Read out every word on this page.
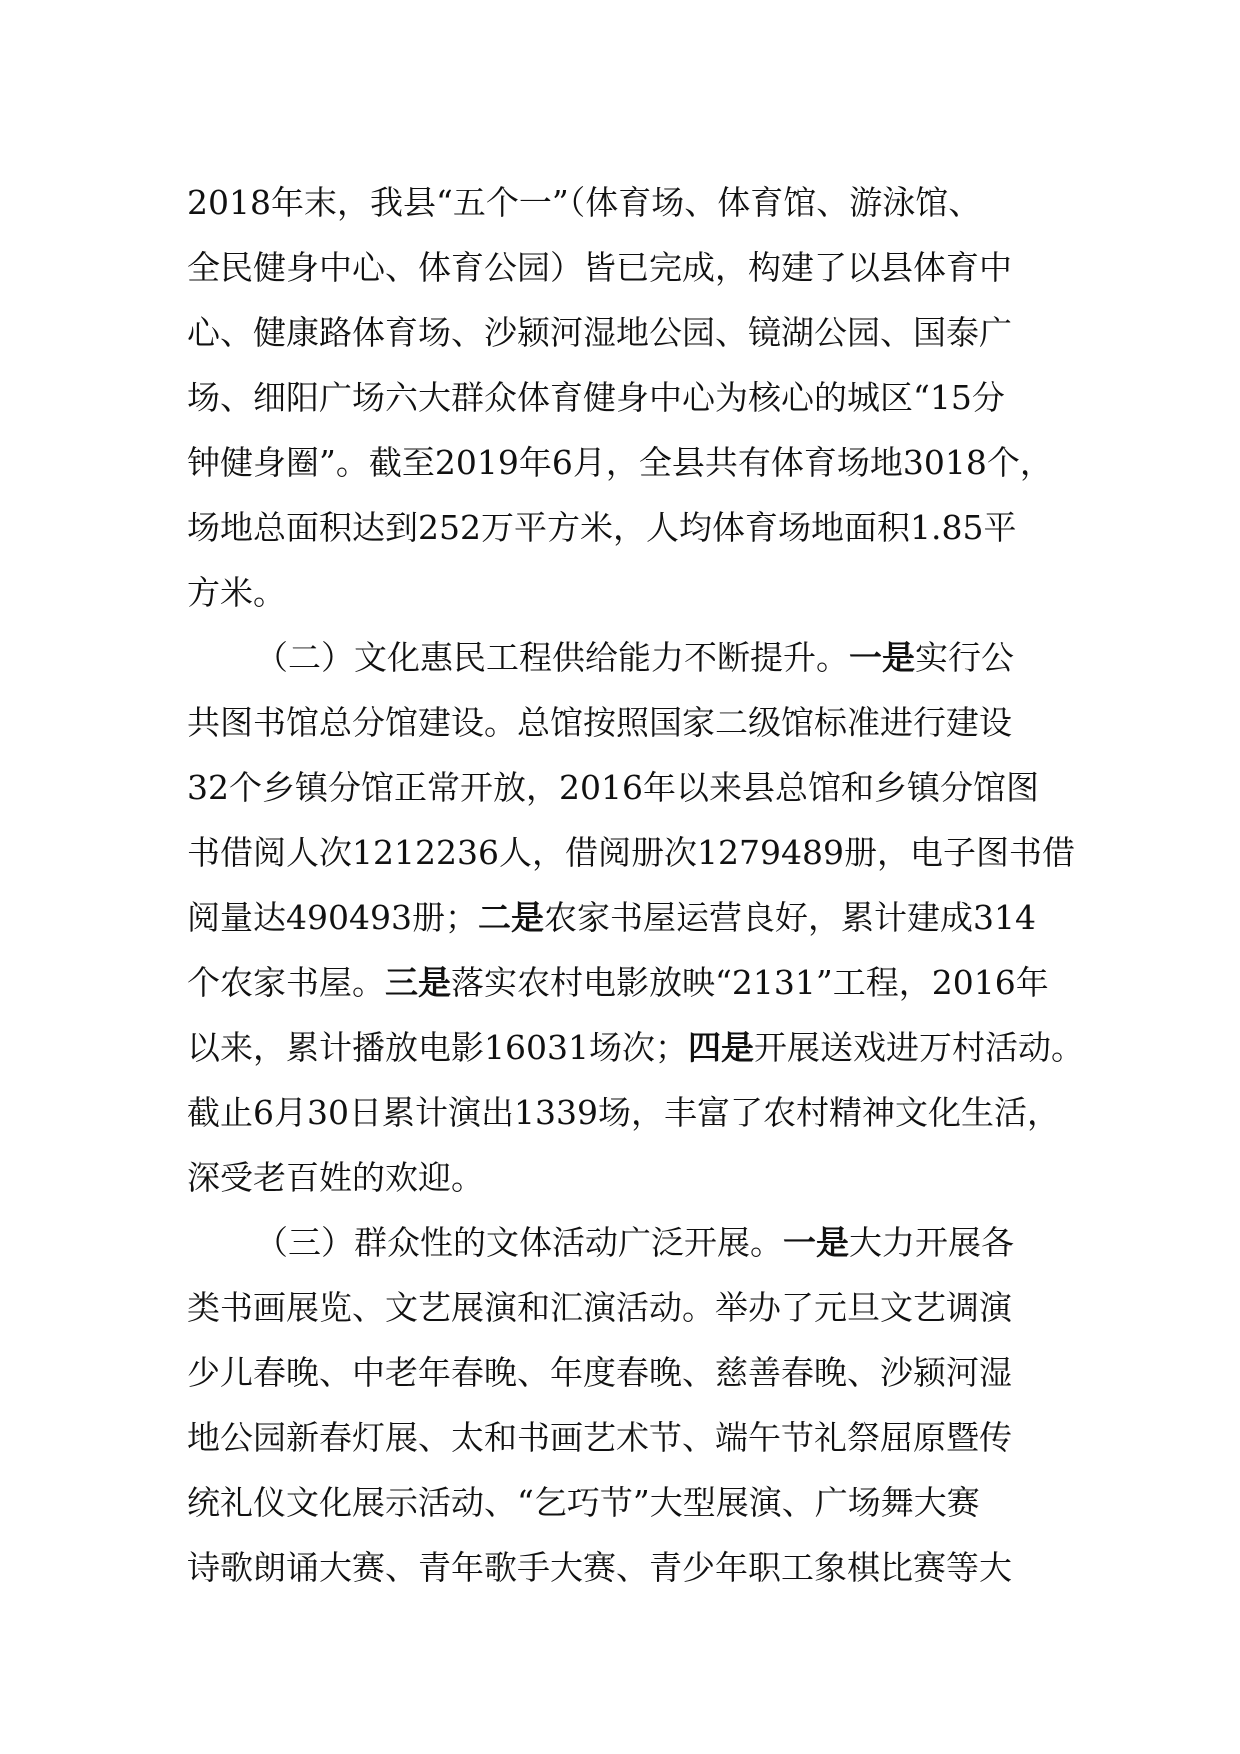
2018年末，我县“五个一”（体育场、体育馆、游泳馆、
全民健身中心、体育公园）皆已完成，构建了以县体育中
心、健康路体育场、沙颍河湿地公园、镜湖公园、国泰广
场、细阳广场六大群众体育健身中心为核心的城区“15分
钟健身圈”。截至2019年6月，全县共有体育场地3018个，
场地总面积达到252万平方米，人均体育场地面积1.85平
方米。
（二）文化惠民工程供给能力不断提升。一是实行公
共图书馆总分馆建设。总馆按照国家二级馆标准进行建设
32个乡镇分馆正常开放，2016年以来县总馆和乡镇分馆图
书借阅人次1212236人，借阅册次1279489册，电子图书借
阅量达490493册；二是农家书屋运营良好，累计建成314
个农家书屋。三是落实农村电影放映“2131”工程，2016年
以来，累计播放电影16031场次；四是开展送戏进万村活动。
截止6月30日累计演出1339场，丰富了农村精神文化生活，
深受老百姓的欢迎。
（三）群众性的文体活动广泛开展。一是大力开展各
类书画展览、文艺展演和汇演活动。举办了元旦文艺调演
少儿春晚、中老年春晚、年度春晚、慈善春晚、沙颍河湿
地公园新春灯展、太和书画艺术节、端午节礼祭屈原暨传
统礼仪文化展示活动、“乞巧节”大型展演、广场舞大赛
诗歌朗诵大赛、青年歌手大赛、青少年职工象棋比赛等大
